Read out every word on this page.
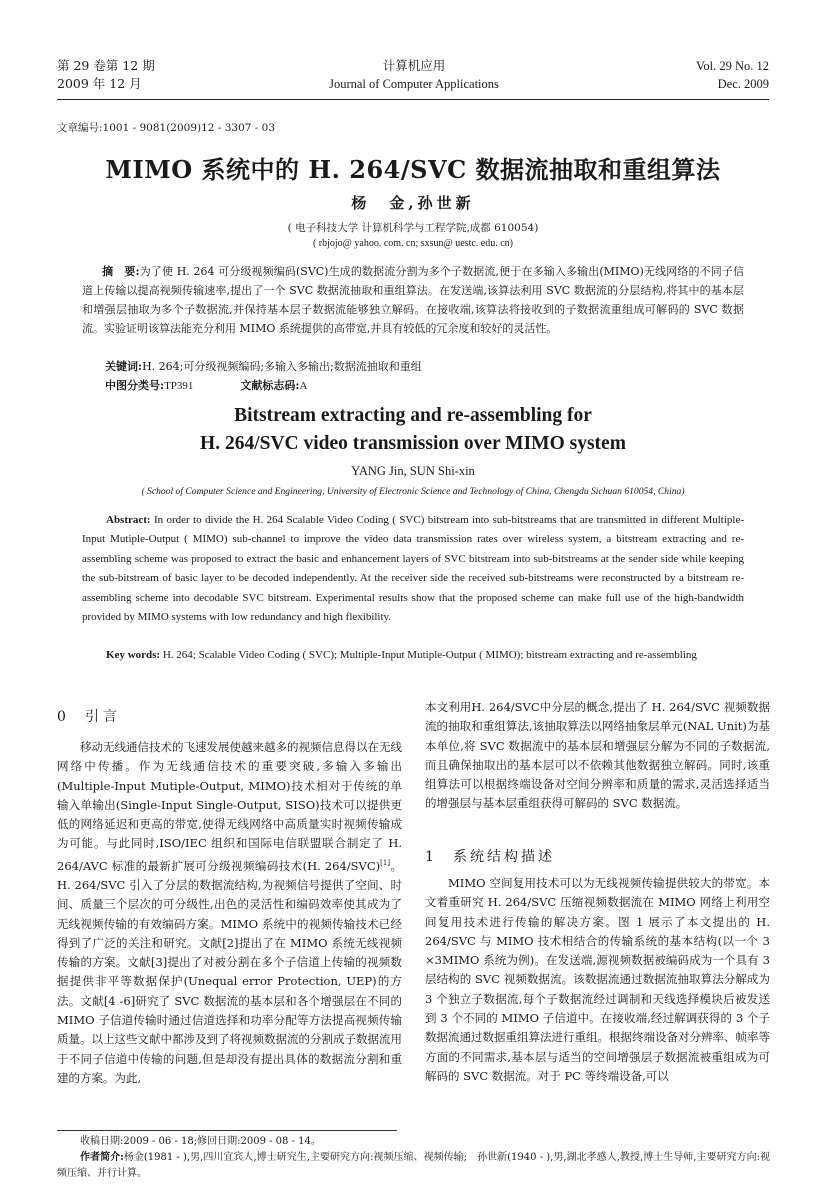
第 29 卷第 12 期
2009 年 12 月
计算机应用
Journal of Computer Applications
Vol. 29 No. 12
Dec. 2009
文章编号:1001 - 9081(2009)12 - 3307 - 03
MIMO 系统中的 H. 264/SVC 数据流抽取和重组算法
杨　金,孙世新
( 电子科技大学 计算机科学与工程学院,成都 610054)
( rbjojo@ yahoo. com. cn; sxsun@ uestc. edu. cn)
摘　要:为了使 H. 264 可分级视频编码(SVC)生成的数据流分割为多个子数据流,便于在多输入多输出(MIMO)无线网络的不同子信道上传输以提高视频传输速率,提出了一个 SVC 数据流抽取和重组算法。在发送端,该算法利用 SVC 数据流的分层结构,将其中的基本层和增强层抽取为多个子数据流,并保持基本层子数据流能够独立解码。在接收端,该算法将接收到的子数据流重组成可解码的 SVC 数据流。实验证明该算法能充分利用 MIMO 系统提供的高带宽,并具有较低的冗余度和较好的灵活性。
关键词:H. 264;可分级视频编码;多输入多输出;数据流抽取和重组
中图分类号:TP391	文献标志码:A
Bitstream extracting and re-assembling for
H. 264/SVC video transmission over MIMO system
YANG Jin, SUN Shi-xin
( School of Computer Science and Engineering, University of Electronic Science and Technology of China, Chengdu Sichuan 610054, China)
Abstract: In order to divide the H. 264 Scalable Video Coding ( SVC) bitstream into sub-bitstreams that are transmitted in different Multiple-Input Mutiple-Output ( MIMO) sub-channel to improve the video data transmission rates over wireless system, a bitstream extracting and re-assembling scheme was proposed to extract the basic and enhancement layers of SVC bitstream into sub-bitstreams at the sender side while keeping the sub-bitstream of basic layer to be decoded independently. At the receiver side the received sub-bitstreams were reconstructed by a bitstream re-assembling scheme into decodable SVC bitstream. Experimental results show that the proposed scheme can make full use of the high-bandwidth provided by MIMO systems with low redundancy and high flexibility.
Key words: H. 264; Scalable Video Coding ( SVC); Multiple-Input Mutiple-Output ( MIMO); bitstream extracting and re-assembling
0 引言
移动无线通信技术的飞速发展使越来越多的视频信息得以在无线网络中传播。作为无线通信技术的重要突破,多输入多输出(Multiple-Input Mutiple-Output, MIMO)技术相对于传统的单输入单输出(Single-Input Single-Output, SISO)技术可以提供更低的网络延迟和更高的带宽,使得无线网络中高质量实时视频传输成为可能。与此同时,ISO/IEC 组织和国际电信联盟联合制定了 H. 264/AVC 标准的最新扩展可分级视频编码技术(H. 264/SVC)[1]。H. 264/SVC 引入了分层的数据流结构,为视频信号提供了空间、时间、质量三个层次的可分级性,出色的灵活性和编码效率使其成为了无线视频传输的有效编码方案。MIMO 系统中的视频传输技术已经得到了广泛的关注和研究。文献[2]提出了在 MIMO 系统无线视频传输的方案。文献[3]提出了对被分割在多个子信道上传输的视频数据提供非平等数据保护(Unequal error Protection, UEP)的方法。文献[4 -6]研究了 SVC 数据流的基本层和各个增强层在不同的 MIMO 子信道传输时通过信道选择和功率分配等方法提高视频传输质量。以上这些文献中都涉及到了将视频数据流的分割成子数据流用于不同子信道中传输的问题,但是却没有提出具体的数据流分割和重建的方案。为此,
本文利用H. 264/SVC中分层的概念,提出了 H. 264/SVC 视频数据流的抽取和重组算法,该抽取算法以网络抽象层单元(NAL Unit)为基本单位,将 SVC 数据流中的基本层和增强层分解为不同的子数据流,而且确保抽取出的基本层可以不依赖其他数据独立解码。同时,该重组算法可以根据终端设备对空间分辨率和质量的需求,灵活选择适当的增强层与基本层重组获得可解码的 SVC 数据流。
1 系统结构描述
MIMO 空间复用技术可以为无线视频传输提供较大的带宽。本文着重研究 H. 264/SVC 压缩视频数据流在 MIMO 网络上利用空间复用技术进行传输的解决方案。图 1 展示了本文提出的 H. 264/SVC 与 MIMO 技术相结合的传输系统的基本结构(以一个 3 ×3MIMO 系统为例)。在发送端,源视频数据被编码成为一个具有 3 层结构的 SVC 视频数据流。该数据流通过数据流抽取算法分解成为 3 个独立子数据流,每个子数据流经过调制和天线选择模块后被发送到 3 个不同的 MIMO 子信道中。在接收端,经过解调获得的 3 个子数据流通过数据重组算法进行重组。根据终端设备对分辨率、帧率等方面的不同需求,基本层与适当的空间增强层子数据流被重组成为可解码的 SVC 数据流。对于 PC 等终端设备,可以
收稿日期:2009 - 06 - 18;修回日期:2009 - 08 - 14。
作者简介:杨金(1981 - ),男,四川宜宾人,博士研究生,主要研究方向:视频压缩、视频传输;　孙世新(1940 - ),男,湖北孝感人,教授,博士生导师,主要研究方向:视频压缩、并行计算。
